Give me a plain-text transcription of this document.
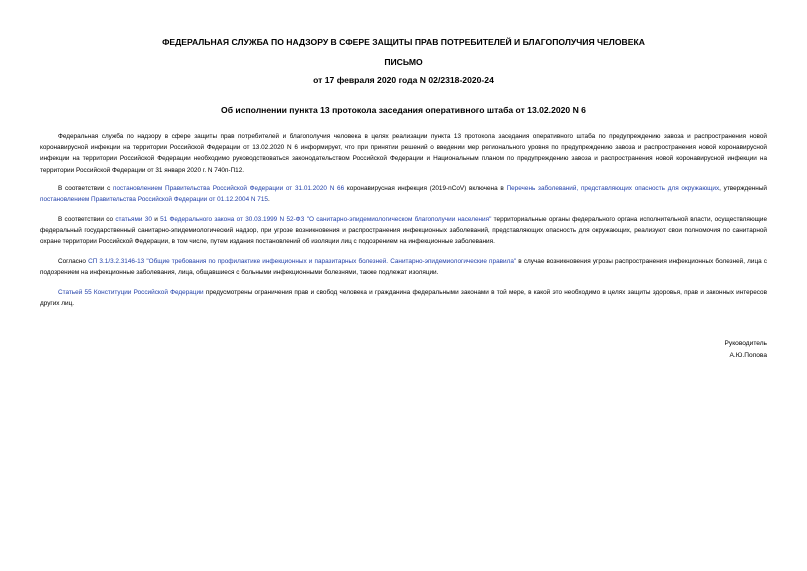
ФЕДЕРАЛЬНАЯ СЛУЖБА ПО НАДЗОРУ В СФЕРЕ ЗАЩИТЫ ПРАВ ПОТРЕБИТЕЛЕЙ И БЛАГОПОЛУЧИЯ ЧЕЛОВЕКА
ПИСЬМО
от 17 февраля 2020 года N 02/2318-2020-24
Об исполнении пункта 13 протокола заседания оперативного штаба от 13.02.2020 N 6

Федеральная служба по надзору в сфере защиты прав потребителей и благополучия человека в целях реализации пункта 13 протокола заседания оперативного штаба по предупреждению завоза и распространения новой коронавирусной инфекции на территории Российской Федерации от 13.02.2020 N 6 информирует, что при принятии решений о введении мер регионального уровня по предупреждению завоза и распространения новой коронавирусной инфекции на территории Российской Федерации необходимо руководствоваться законодательством Российской Федерации и Национальным планом по предупреждению завоза и распространения новой коронавирусной инфекции на территории Российской Федерации от 31 января 2020 г. N 740п-П12.

В соответствии с постановлением Правительства Российской Федерации от 31.01.2020 N 66 коронавирусная инфекция (2019-nCoV) включена в Перечень заболеваний, представляющих опасность для окружающих, утвержденный постановлением Правительства Российской Федерации от 01.12.2004 N 715.

В соответствии со статьями 30 и 51 Федерального закона от 30.03.1999 N 52-ФЗ "О санитарно-эпидемиологическом благополучии населения" территориальные органы федерального органа исполнительной власти, осуществляющие федеральный государственный санитарно-эпидемиологический надзор, при угрозе возникновения и распространения инфекционных заболеваний, представляющих опасность для окружающих, реализуют свои полномочия по санитарной охране территории Российской Федерации, в том числе, путем издания постановлений об изоляции лиц с подозрением на инфекционные заболевания.

Согласно СП 3.1/3.2.3146-13 "Общие требования по профилактике инфекционных и паразитарных болезней. Санитарно-эпидемиологические правила" в случае возникновения угрозы распространения инфекционных болезней, лица с подозрением на инфекционные заболевания, лица, общавшиеся с больными инфекционными болезнями, также подлежат изоляции.

Статьей 55 Конституции Российской Федерации предусмотрены ограничения прав и свобод человека и гражданина федеральными законами в той мере, в какой это необходимо в целях защиты здоровья, прав и законных интересов других лиц.

Руководитель
А.Ю.Попова
